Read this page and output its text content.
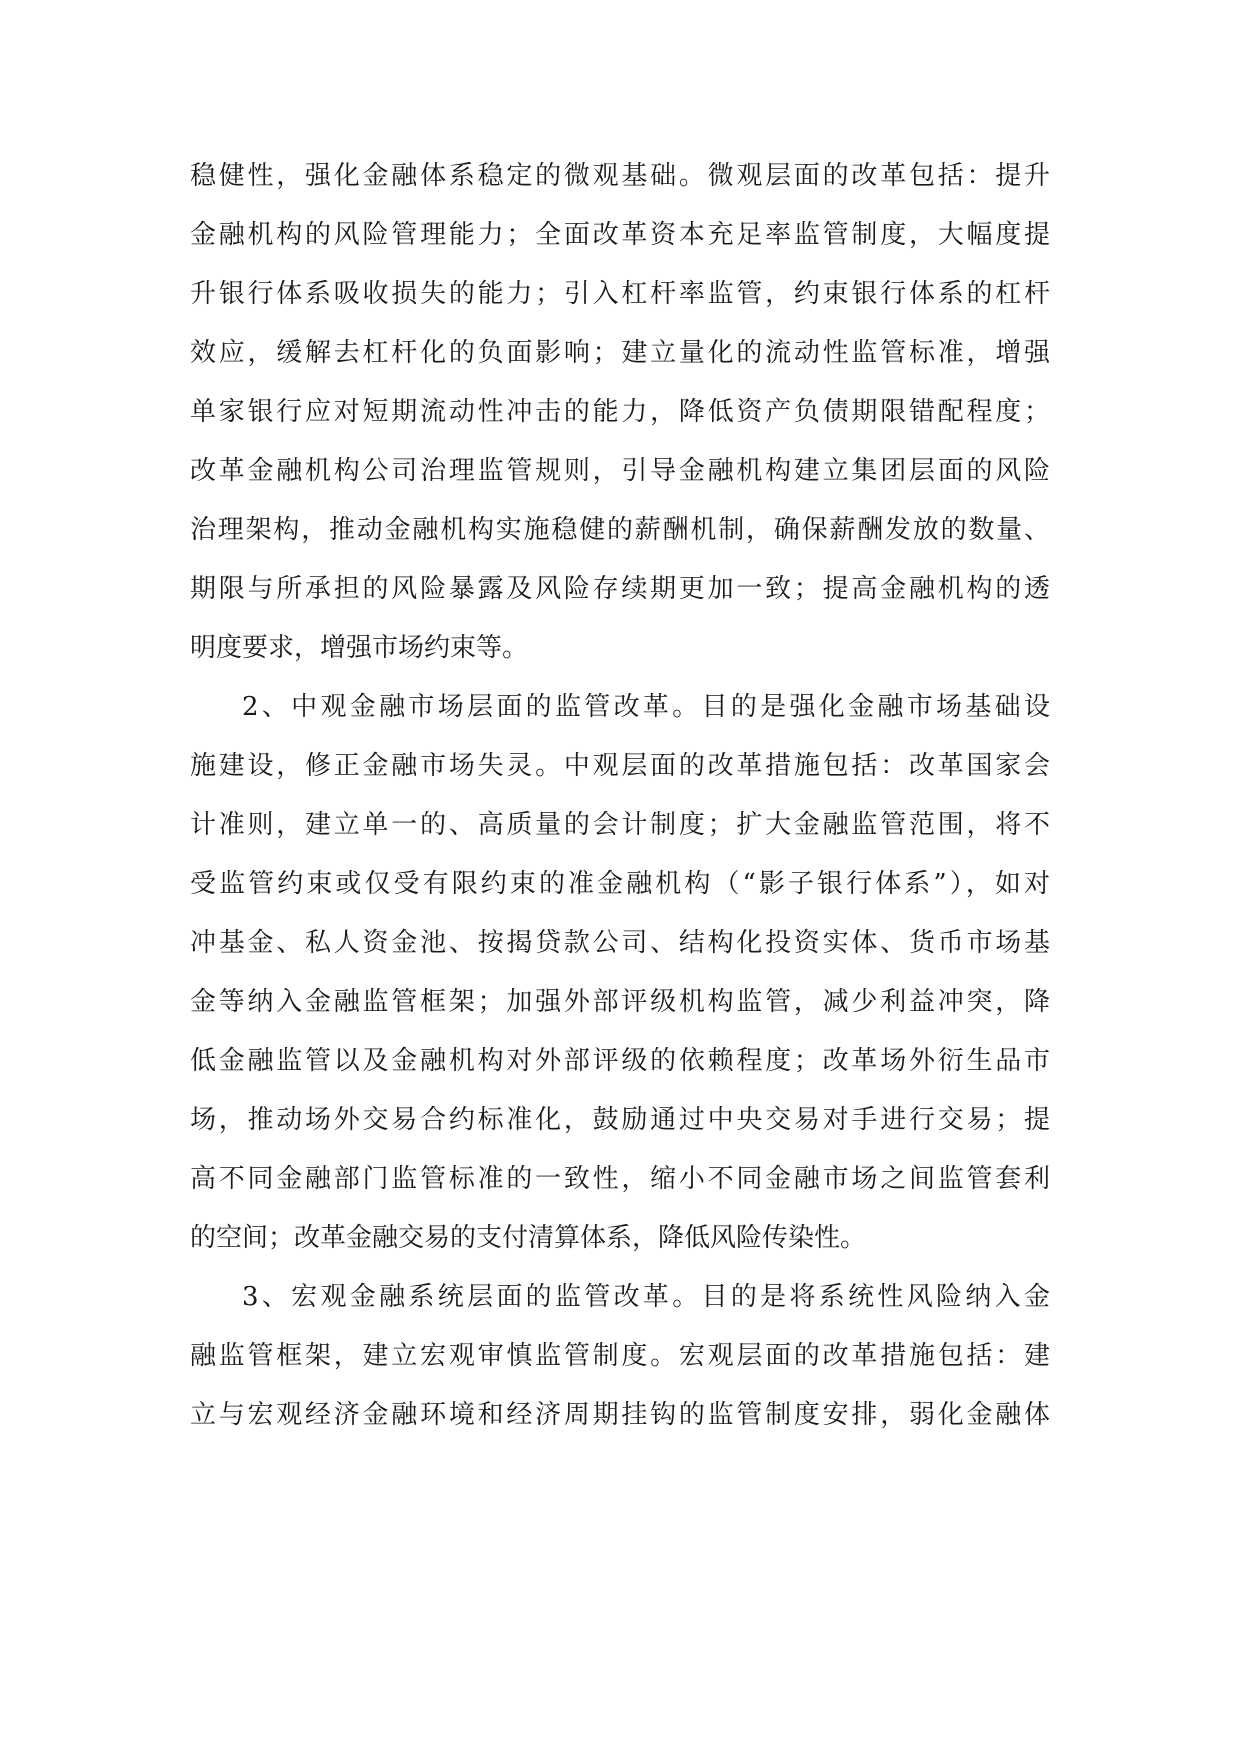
稳健性，强化金融体系稳定的微观基础。微观层面的改革包括：提升
金融机构的风险管理能力；全面改革资本充足率监管制度，大幅度提
升银行体系吸收损失的能力；引入杠杆率监管，约束银行体系的杠杆
效应，缓解去杠杆化的负面影响；建立量化的流动性监管标准，增强
单家银行应对短期流动性冲击的能力，降低资产负债期限错配程度；
改革金融机构公司治理监管规则，引导金融机构建立集团层面的风险
治理架构，推动金融机构实施稳健的薪酬机制，确保薪酬发放的数量、
期限与所承担的风险暴露及风险存续期更加一致；提高金融机构的透
明度要求，增强市场约束等。
2、中观金融市场层面的监管改革。目的是强化金融市场基础设
施建设，修正金融市场失灵。中观层面的改革措施包括：改革国家会
计准则，建立单一的、高质量的会计制度；扩大金融监管范围，将不
受监管约束或仅受有限约束的准金融机构（“影子银行体系”），如对
冲基金、私人资金池、按揭贷款公司、结构化投资实体、货币市场基
金等纳入金融监管框架；加强外部评级机构监管，减少利益冲突，降
低金融监管以及金融机构对外部评级的依赖程度；改革场外衍生品市
场，推动场外交易合约标准化，鼓励通过中央交易对手进行交易；提
高不同金融部门监管标准的一致性，缩小不同金融市场之间监管套利
的空间；改革金融交易的支付清算体系，降低风险传染性。
3、宏观金融系统层面的监管改革。目的是将系统性风险纳入金
融监管框架，建立宏观审慎监管制度。宏观层面的改革措施包括：建
立与宏观经济金融环境和经济周期挂钩的监管制度安排，弱化金融体
